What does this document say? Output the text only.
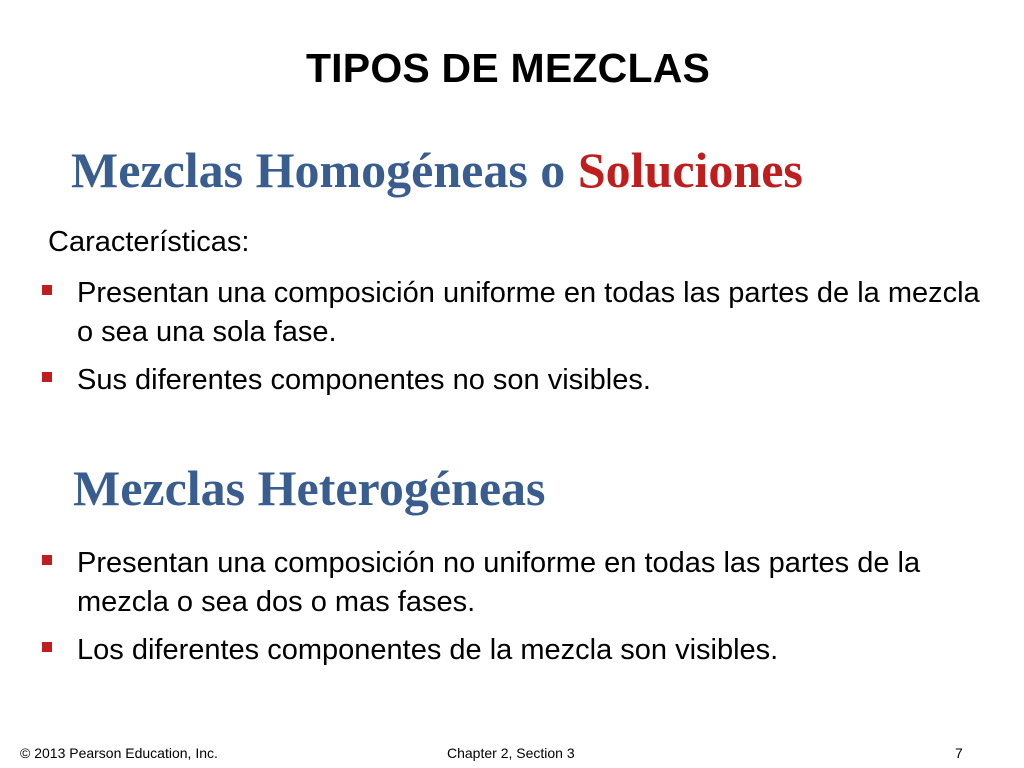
TIPOS DE MEZCLAS
Mezclas Homogéneas o Soluciones
Características:
Presentan una composición uniforme en todas las partes de la mezcla o sea una sola fase.
Sus diferentes componentes no son visibles.
Mezclas Heterogéneas
Presentan una composición no uniforme en todas las partes de la mezcla o sea dos o mas fases.
Los diferentes componentes de la mezcla son visibles.
© 2013 Pearson Education, Inc.	Chapter 2, Section 3	7
